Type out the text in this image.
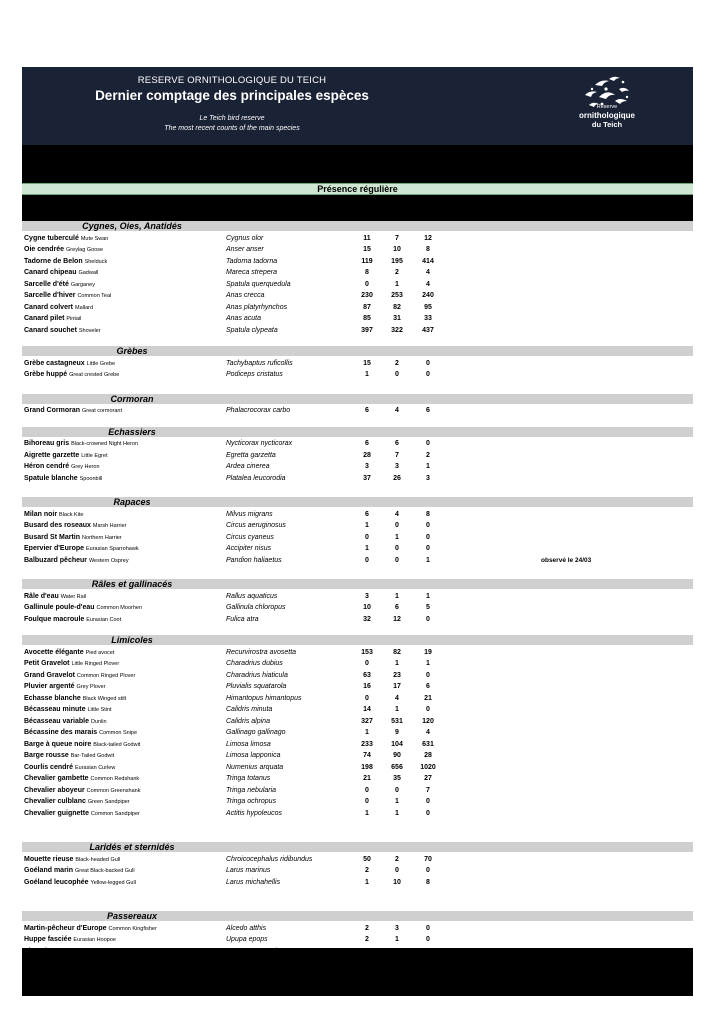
RESERVE ORNITHOLOGIQUE DU TEICH
Dernier comptage des principales espèces
Le Teich bird reserve
The most recent counts of the main species
Réserve
ornithologique
du Teich
Présence régulière
Cygnes, Oies, Anatidés
Cygne tuberculé Mute Swan	Cygnus olor	11	7	12
Oie cendrée Greylag Goose	Anser anser	15	10	8
Tadorne de Belon Shelduck	Tadorna tadorna	119	195	414
Canard chipeau Gadwall	Mareca strepera	8	2	4
Sarcelle d'été Garganey	Spatula querquedula	0	1	4
Sarcelle d'hiver Common Teal	Anas crecca	230	253	240
Canard colvert Mallard	Anas platyrhynchos	87	82	95
Canard pilet Pintail	Anas acuta	85	31	33
Canard souchet Shoveler	Spatula clypeata	397	322	437
Grèbes
Grèbe castagneux Little Grebe	Tachybaptus ruficollis	15	2	0
Grèbe huppé Great crested Grebe	Podiceps cristatus	1	0	0
Cormoran
Grand Cormoran Great cormorant	Phalacrocorax carbo	6	4	6
Echassiers
Bihoreau gris Black-crowned Night Heron	Nycticorax nycticorax	6	6	0
Aigrette garzette Little Egret	Egretta garzetta	28	7	2
Héron cendré Grey Heron	Ardea cinerea	3	3	1
Spatule blanche Spoonbill	Platalea leucorodia	37	26	3
Rapaces
Milan noir Black Kite	Milvus migrans	6	4	8
Busard des roseaux Marsh Harrier	Circus aeruginosus	1	0	0
Busard St Martin Northern Harrier	Circus cyaneus	0	1	0
Epervier d'Europe Eurasian Sparrohawk	Accipiter nisus	1	0	0
Balbuzard pêcheur Western Osprey	Pandion haliaetus	0	0	1	observé le 24/03
Râles et gallinacés
Râle d'eau Water Rail	Rallus aquaticus	3	1	1
Gallinule poule-d'eau Common Moorhen	Gallinula chloropus	10	6	5
Foulque macroule Eurasian Coot	Fulica atra	32	12	0
Limicoles
Avocette élégante Pied avocet	Recurvirostra avosetta	153	82	19
Petit Gravelot Little Ringed Plover	Charadrius dubius	0	1	1
Grand Gravelot Common Ringed Plover	Charadrius hiaticula	63	23	0
Pluvier argenté Grey Plover	Pluvialis squatarola	16	17	6
Echasse blanche Black Winged stilt	Himantopus himantopus	0	4	21
Bécasseau minute Little Stint	Calidris minuta	14	1	0
Bécasseau variable Dunlin	Calidris alpina	327	531	120
Bécassine des marais Common Snipe	Gallinago gallinago	1	9	4
Barge à queue noire Black-tailed Godwit	Limosa limosa	233	104	631
Barge rousse Bar-Tailed Godwit	Limosa lapponica	74	90	28
Courlis cendré Eurasian Curlew	Numenius arquata	198	656	1020
Chevalier gambette Common Redshank	Tringa totanus	21	35	27
Chevalier aboyeur Common Greenshank	Tringa nebularia	0	0	7
Chevalier culblanc Green Sandpiper	Tringa ochropus	0	1	0
Chevalier guignette Common Sandpiper	Actitis hypoleucos	1	1	0
Laridés et sternidés
Mouette rieuse Black-headed Gull	Chroicocephalus ridibundus	50	2	70
Goéland marin Great Black-backed Gull	Larus marinus	2	0	0
Goéland leucophée Yellow-legged Gull	Larus michahellis	1	10	8
Passereaux
Martin-pêcheur d'Europe Common Kingfisher	Alcedo atthis	2	3	0
Huppe fasciée Eurasian Hoopoe	Upupa epops	2	1	0
Pic noir Black Woodpecker	Dryocopus martius	1	1	1
